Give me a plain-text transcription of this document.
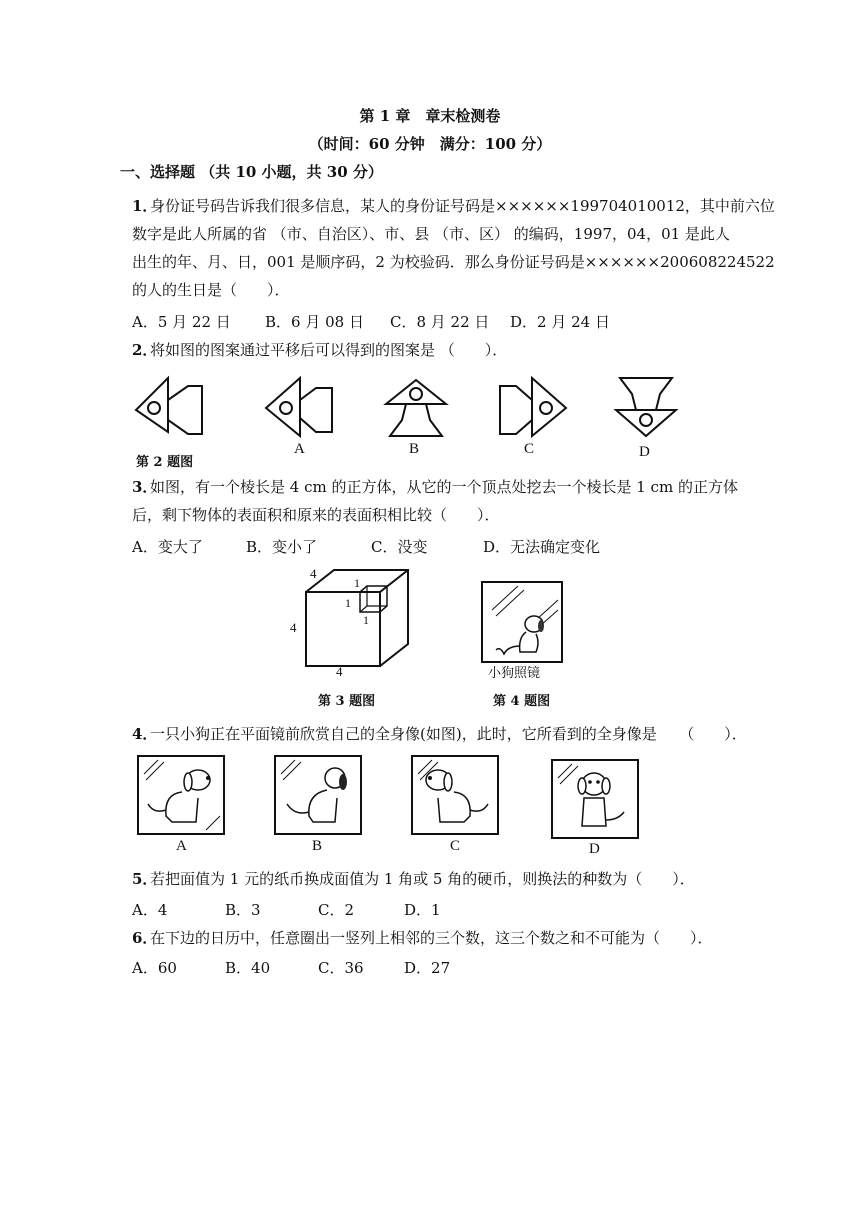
第 1 章　章末检测卷
（时间：60 分钟　满分：100 分）
一、选择题 （共 10 小题，共 30 分）
1．
身份证号码告诉我们很多信息，某人的身份证号码是××××××199704010012，其中前六位
数字是此人所属的省 （市、自治区）、市、县 （市、区） 的编码，1997，04，01 是此人
出生的年、月、日，001 是顺序码，2 为校验码．那么身份证号码是××××××200608224522
的人的生日是（　　）．
A．5 月 22 日 B．6 月 08 日 C．8 月 22 日 D．2 月 24 日
2．
将如图的图案通过平移后可以得到的图案是 （　　）．
第 2 题图
A	B	C	D
3．
如图，有一个棱长是 4 cm 的正方体，从它的一个顶点处挖去一个棱长是 1 cm 的正方体
后，剩下物体的表面积和原来的表面积相比较（　　）．
A．变大了	B．变小了	C．没变	D．无法确定变化
4
4
4
1
1
1
第 3 题图
小狗照镜
第 4 题图
4．
一只小狗正在平面镜前欣赏自己的全身像(如图)，此时，它所看到的全身像是　　（　　）．
A	B	C	D
5．
若把面值为 1 元的纸币换成面值为 1 角或 5 角的硬币，则换法的种数为（　　）．
A．4	B．3	C．2	D．1
6．
在下边的日历中，任意圈出一竖列上相邻的三个数，这三个数之和不可能为（　　）．
A．60	B．40	C．36	D．27
